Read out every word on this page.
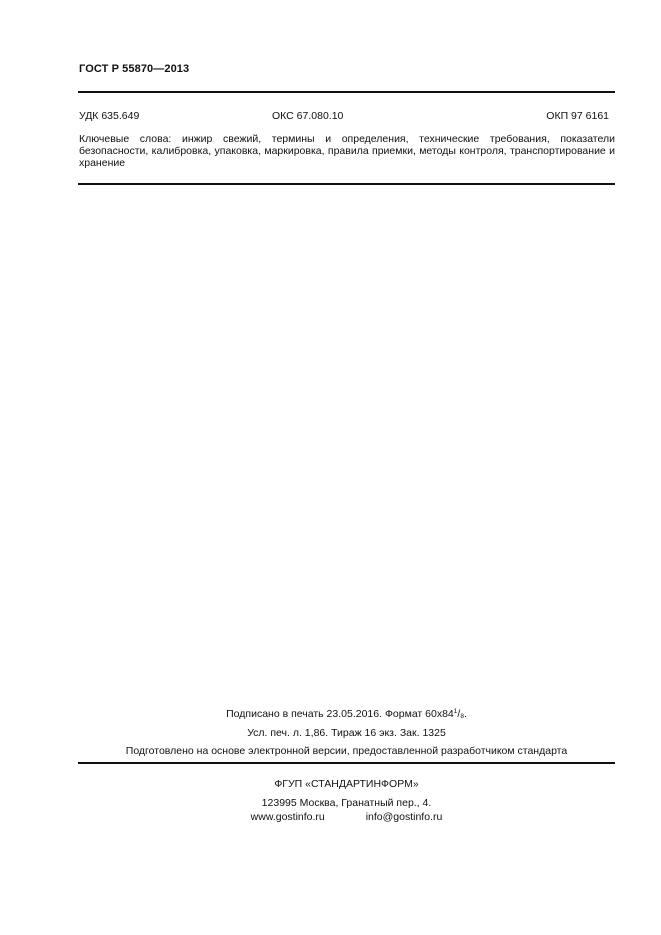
ГОСТ Р 55870—2013
УДК 635.649	ОКС 67.080.10	ОКП 97 6161
Ключевые слова: инжир свежий, термины и определения, технические требования, показатели безопасности, калибровка, упаковка, маркировка, правила приемки, методы контроля, транспортирование и хранение
Подписано в печать 23.05.2016. Формат $60x84^1/_8$.
Усл. печ. л. 1,86. Тираж 16 экз. Зак. 1325
Подготовлено на основе электронной версии, предоставленной разработчиком стандарта
ФГУП «СТАНДАРТИНФОРМ»
123995 Москва, Гранатный пер., 4.
www.gostinfo.ru	info@gostinfo.ru
